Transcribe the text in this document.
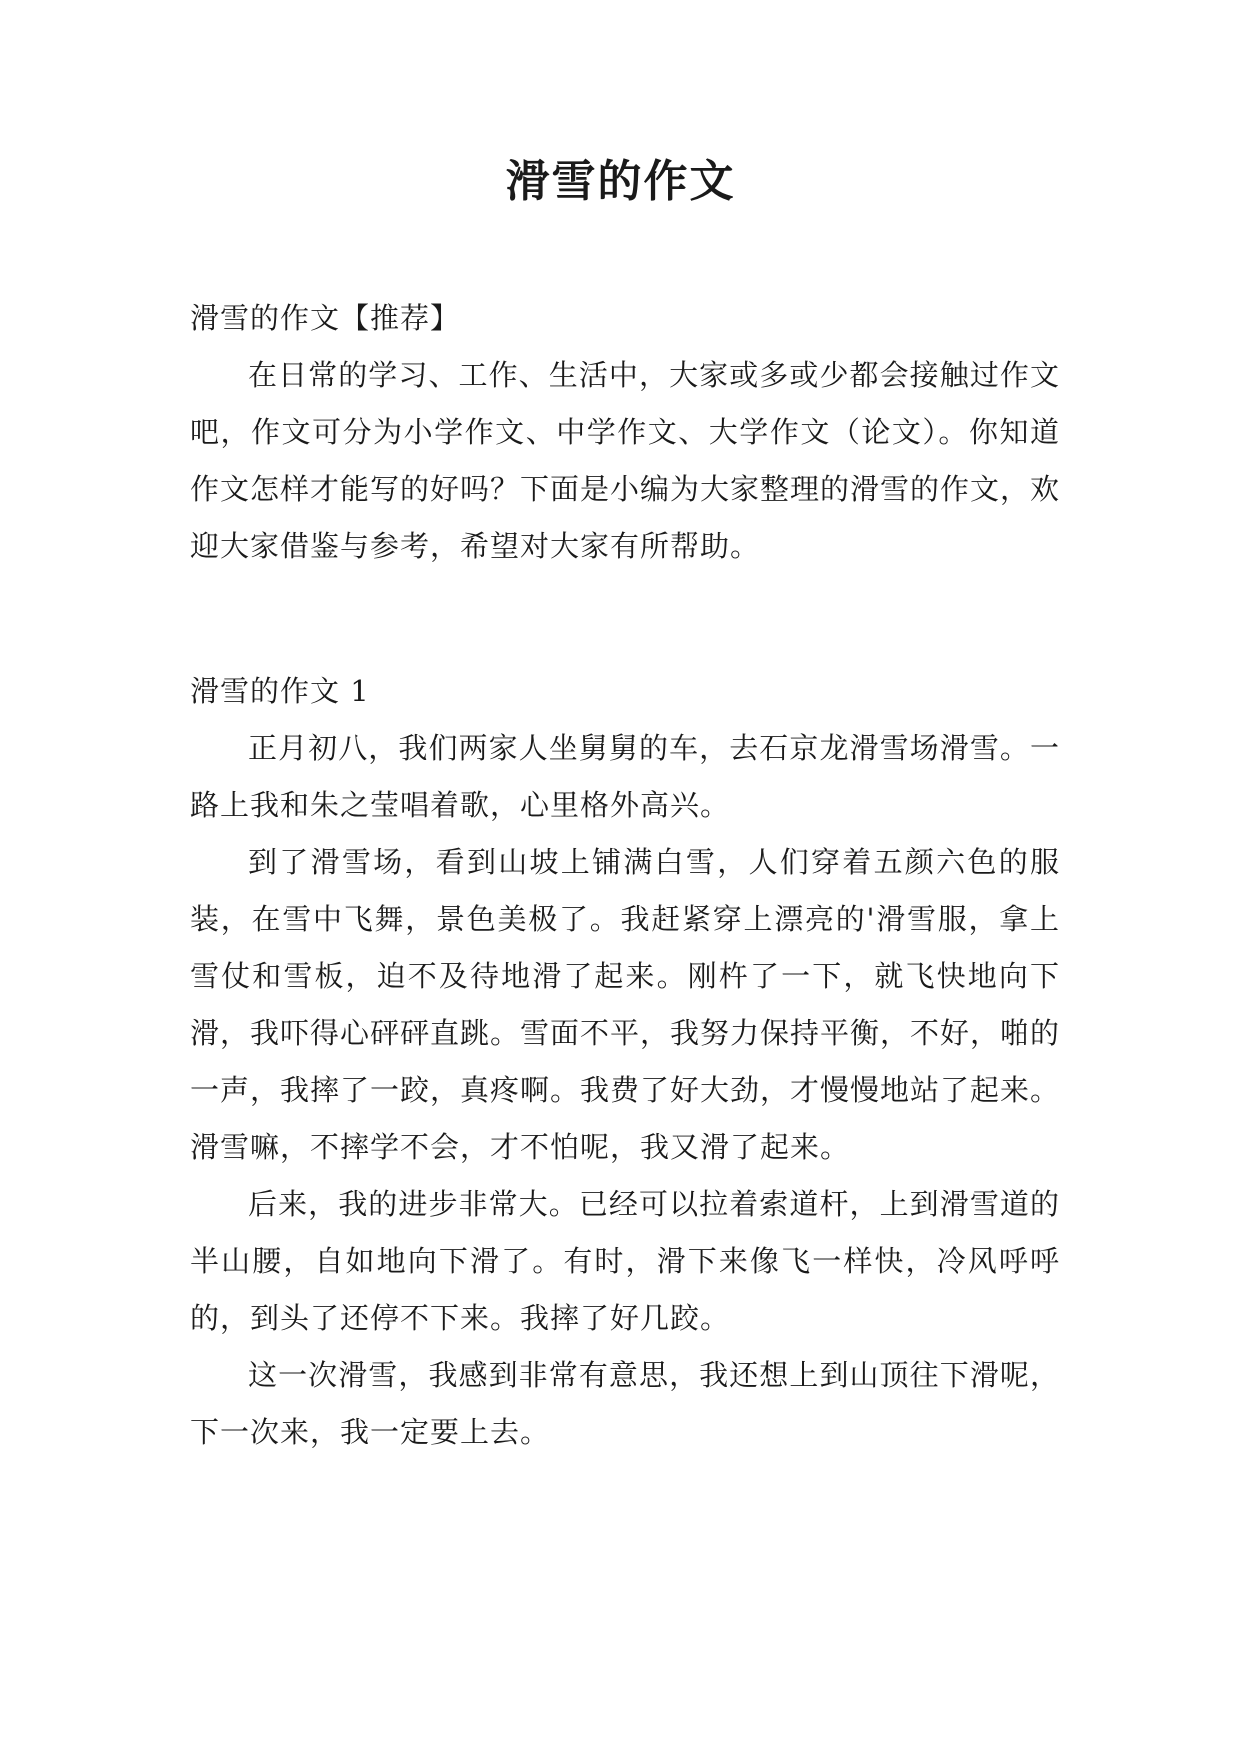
滑雪的作文

滑雪的作文【推荐】

在日常的学习、工作、生活中，大家或多或少都会接触过作文吧，作文可分为小学作文、中学作文、大学作文（论文）。你知道作文怎样才能写的好吗？下面是小编为大家整理的滑雪的作文，欢迎大家借鉴与参考，希望对大家有所帮助。

滑雪的作文 1

正月初八，我们两家人坐舅舅的车，去石京龙滑雪场滑雪。一路上我和朱之莹唱着歌，心里格外高兴。

到了滑雪场，看到山坡上铺满白雪，人们穿着五颜六色的服装，在雪中飞舞，景色美极了。我赶紧穿上漂亮的'滑雪服，拿上雪仗和雪板，迫不及待地滑了起来。刚杵了一下，就飞快地向下滑，我吓得心砰砰直跳。雪面不平，我努力保持平衡，不好，啪的一声，我摔了一跤，真疼啊。我费了好大劲，才慢慢地站了起来。滑雪嘛，不摔学不会，才不怕呢，我又滑了起来。

后来，我的进步非常大。已经可以拉着索道杆，上到滑雪道的半山腰，自如地向下滑了。有时，滑下来像飞一样快，冷风呼呼的，到头了还停不下来。我摔了好几跤。

这一次滑雪，我感到非常有意思，我还想上到山顶往下滑呢，下一次来，我一定要上去。
